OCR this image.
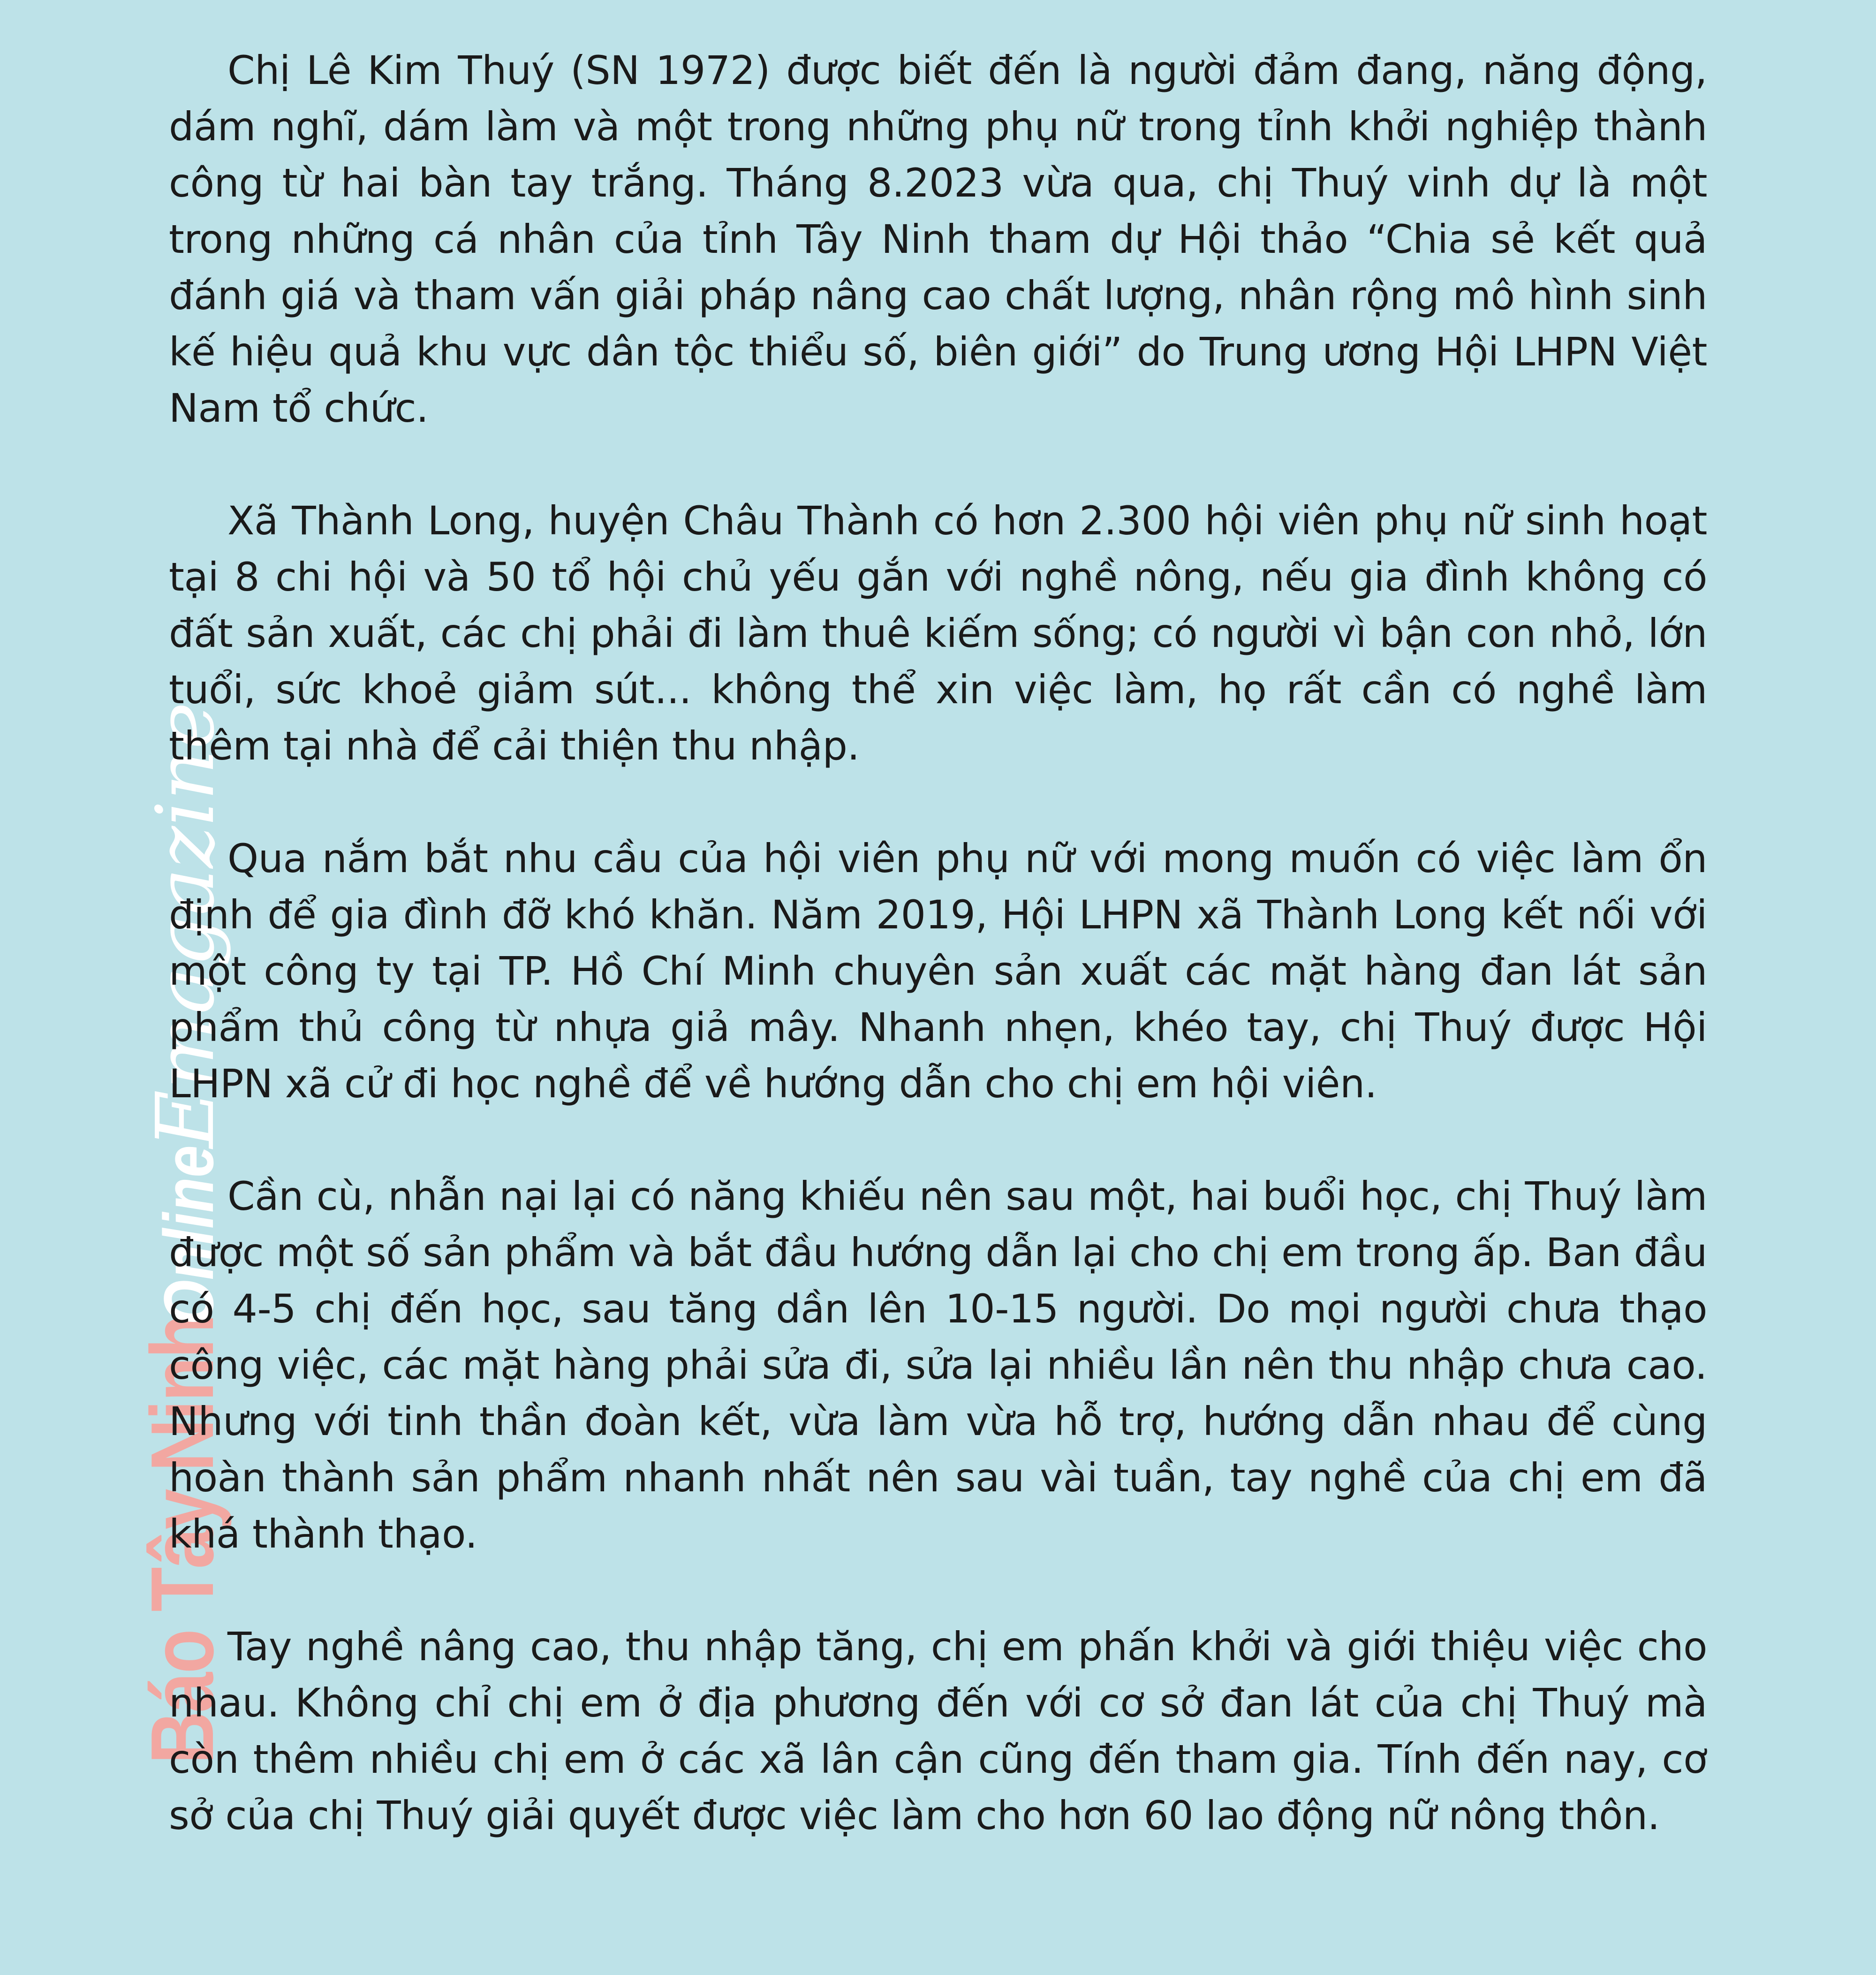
Báo Tây Ninh
Online
Emagazine

Chị Lê Kim Thuý (SN 1972) được biết đến là người đảm đang, năng động, dám nghĩ, dám làm và một trong những phụ nữ trong tỉnh khởi nghiệp thành công từ hai bàn tay trắng. Tháng 8.2023 vừa qua, chị Thuý vinh dự là một trong những cá nhân của tỉnh Tây Ninh tham dự Hội thảo “Chia sẻ kết quả đánh giá và tham vấn giải pháp nâng cao chất lượng, nhân rộng mô hình sinh kế hiệu quả khu vực dân tộc thiểu số, biên giới” do Trung ương Hội LHPN Việt Nam tổ chức.

Xã Thành Long, huyện Châu Thành có hơn 2.300 hội viên phụ nữ sinh hoạt tại 8 chi hội và 50 tổ hội chủ yếu gắn với nghề nông, nếu gia đình không có đất sản xuất, các chị phải đi làm thuê kiếm sống; có người vì bận con nhỏ, lớn tuổi, sức khoẻ giảm sút... không thể xin việc làm, họ rất cần có nghề làm thêm tại nhà để cải thiện thu nhập.

Qua nắm bắt nhu cầu của hội viên phụ nữ với mong muốn có việc làm ổn định để gia đình đỡ khó khăn. Năm 2019, Hội LHPN xã Thành Long kết nối với một công ty tại TP. Hồ Chí Minh chuyên sản xuất các mặt hàng đan lát sản phẩm thủ công từ nhựa giả mây. Nhanh nhẹn, khéo tay, chị Thuý được Hội LHPN xã cử đi học nghề để về hướng dẫn cho chị em hội viên.

Cần cù, nhẫn nại lại có năng khiếu nên sau một, hai buổi học, chị Thuý làm được một số sản phẩm và bắt đầu hướng dẫn lại cho chị em trong ấp. Ban đầu có 4-5 chị đến học, sau tăng dần lên 10-15 người. Do mọi người chưa thạo công việc, các mặt hàng phải sửa đi, sửa lại nhiều lần nên thu nhập chưa cao. Nhưng với tinh thần đoàn kết, vừa làm vừa hỗ trợ, hướng dẫn nhau để cùng hoàn thành sản phẩm nhanh nhất nên sau vài tuần, tay nghề của chị em đã khá thành thạo.

Tay nghề nâng cao, thu nhập tăng, chị em phấn khởi và giới thiệu việc cho nhau. Không chỉ chị em ở địa phương đến với cơ sở đan lát của chị Thuý mà còn thêm nhiều chị em ở các xã lân cận cũng đến tham gia. Tính đến nay, cơ sở của chị Thuý giải quyết được việc làm cho hơn 60 lao động nữ nông thôn.
